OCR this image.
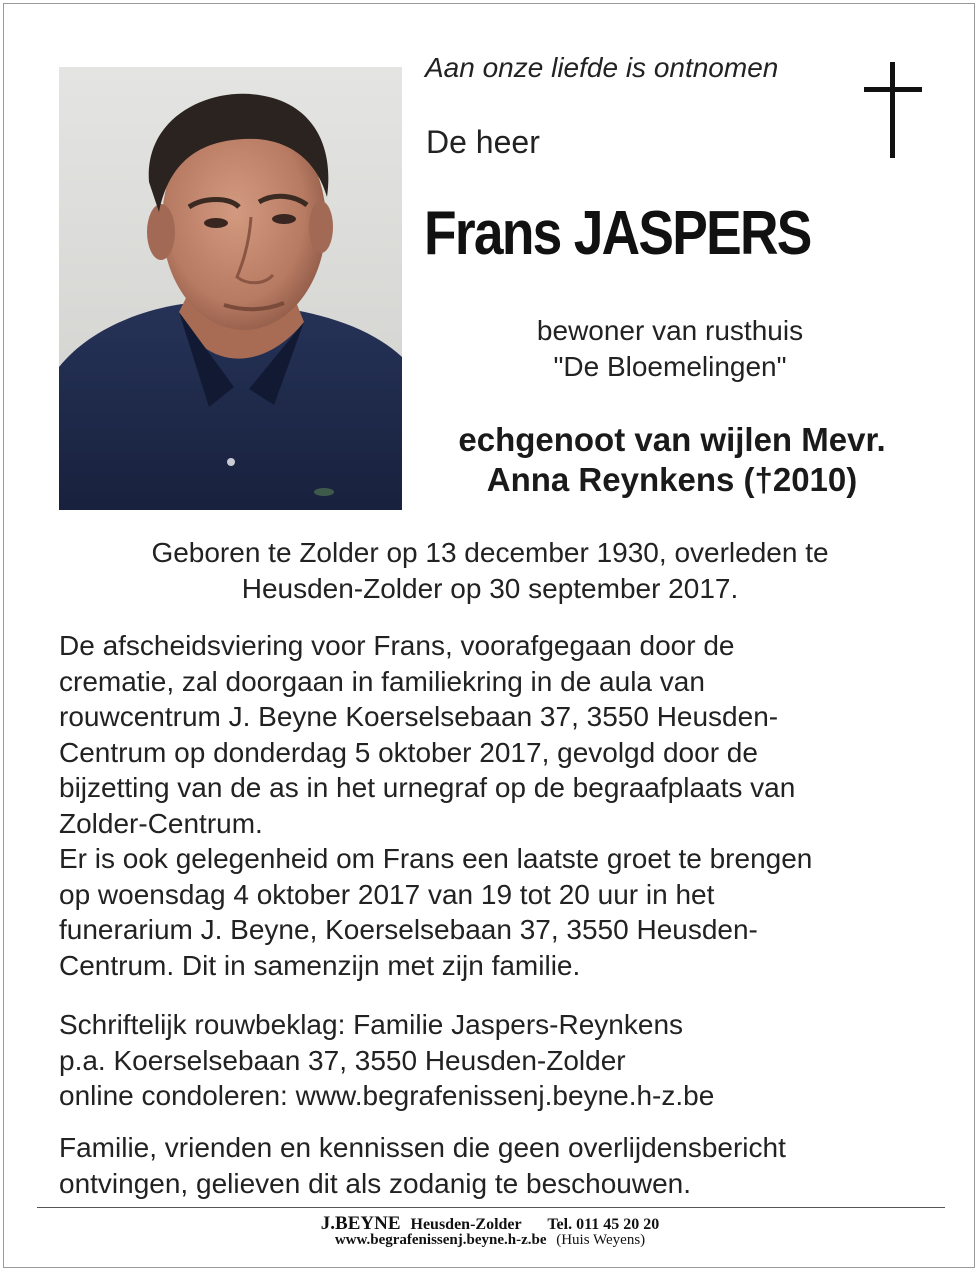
Aan onze liefde is ontnomen
De heer
Frans JASPERS
bewoner van rusthuis
"De Bloemelingen"
echgenoot van wijlen Mevr.
Anna Reynkens (†2010)
Geboren te Zolder op 13 december 1930, overleden te
Heusden-Zolder op 30 september 2017.
De afscheidsviering voor Frans, voorafgegaan door de
crematie, zal doorgaan in familiekring in de aula van
rouwcentrum J. Beyne Koerselsebaan 37, 3550 Heusden-
Centrum op donderdag 5 oktober 2017, gevolgd door de
bijzetting van de as in het urnegraf op de begraafplaats van
Zolder-Centrum.
Er is ook gelegenheid om Frans een laatste groet te brengen
op woensdag 4 oktober 2017 van 19 tot 20 uur in het
funerarium J. Beyne, Koerselsebaan 37, 3550 Heusden-
Centrum. Dit in samenzijn met zijn familie.
Schriftelijk rouwbeklag: Familie Jaspers-Reynkens
p.a. Koerselsebaan 37, 3550 Heusden-Zolder
online condoleren: www.begrafenissenj.beyne.h-z.be
Familie, vrienden en kennissen die geen overlijdensbericht
ontvingen, gelieven dit als zodanig te beschouwen.
J.BEYNE Heusden-Zolder Tel. 011 45 20 20
www.begrafenissenj.beyne.h-z.be (Huis Weyens)
